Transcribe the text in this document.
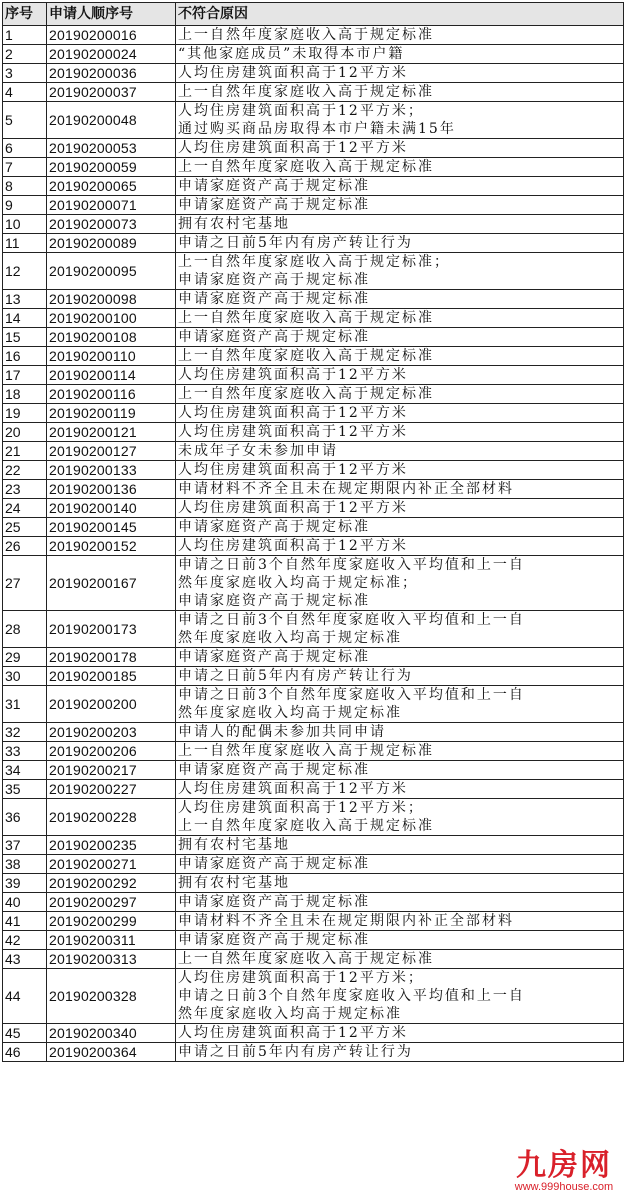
序号	申请人顺序号	不符合原因
1	20190200016	上一自然年度家庭收入高于规定标准

2	20190200024	“其他家庭成员”未取得本市户籍

3	20190200036	人均住房建筑面积高于12平方米

4	20190200037	上一自然年度家庭收入高于规定标准

5	20190200048	人均住房建筑面积高于12平方米；
通过购买商品房取得本市户籍未满15年

6	20190200053	人均住房建筑面积高于12平方米

7	20190200059	上一自然年度家庭收入高于规定标准

8	20190200065	申请家庭资产高于规定标准

9	20190200071	申请家庭资产高于规定标准

10	20190200073	拥有农村宅基地

11	20190200089	申请之日前5年内有房产转让行为

12	20190200095	上一自然年度家庭收入高于规定标准；
申请家庭资产高于规定标准

13	20190200098	申请家庭资产高于规定标准

14	20190200100	上一自然年度家庭收入高于规定标准

15	20190200108	申请家庭资产高于规定标准

16	20190200110	上一自然年度家庭收入高于规定标准

17	20190200114	人均住房建筑面积高于12平方米

18	20190200116	上一自然年度家庭收入高于规定标准

19	20190200119	人均住房建筑面积高于12平方米

20	20190200121	人均住房建筑面积高于12平方米

21	20190200127	未成年子女未参加申请

22	20190200133	人均住房建筑面积高于12平方米

23	20190200136	申请材料不齐全且未在规定期限内补正全部材料

24	20190200140	人均住房建筑面积高于12平方米

25	20190200145	申请家庭资产高于规定标准

26	20190200152	人均住房建筑面积高于12平方米

27	20190200167	申请之日前3个自然年度家庭收入平均值和上一自
然年度家庭收入均高于规定标准；
申请家庭资产高于规定标准

28	20190200173	申请之日前3个自然年度家庭收入平均值和上一自
然年度家庭收入均高于规定标准

29	20190200178	申请家庭资产高于规定标准

30	20190200185	申请之日前5年内有房产转让行为

31	20190200200	申请之日前3个自然年度家庭收入平均值和上一自
然年度家庭收入均高于规定标准

32	20190200203	申请人的配偶未参加共同申请

33	20190200206	上一自然年度家庭收入高于规定标准

34	20190200217	申请家庭资产高于规定标准

35	20190200227	人均住房建筑面积高于12平方米

36	20190200228	人均住房建筑面积高于12平方米；
上一自然年度家庭收入高于规定标准

37	20190200235	拥有农村宅基地

38	20190200271	申请家庭资产高于规定标准

39	20190200292	拥有农村宅基地

40	20190200297	申请家庭资产高于规定标准

41	20190200299	申请材料不齐全且未在规定期限内补正全部材料

42	20190200311	申请家庭资产高于规定标准

43	20190200313	上一自然年度家庭收入高于规定标准

44	20190200328	人均住房建筑面积高于12平方米；
申请之日前3个自然年度家庭收入平均值和上一自
然年度家庭收入均高于规定标准

45	20190200340	人均住房建筑面积高于12平方米

46	20190200364	申请之日前5年内有房产转让行为
九房网
www.999house.com
